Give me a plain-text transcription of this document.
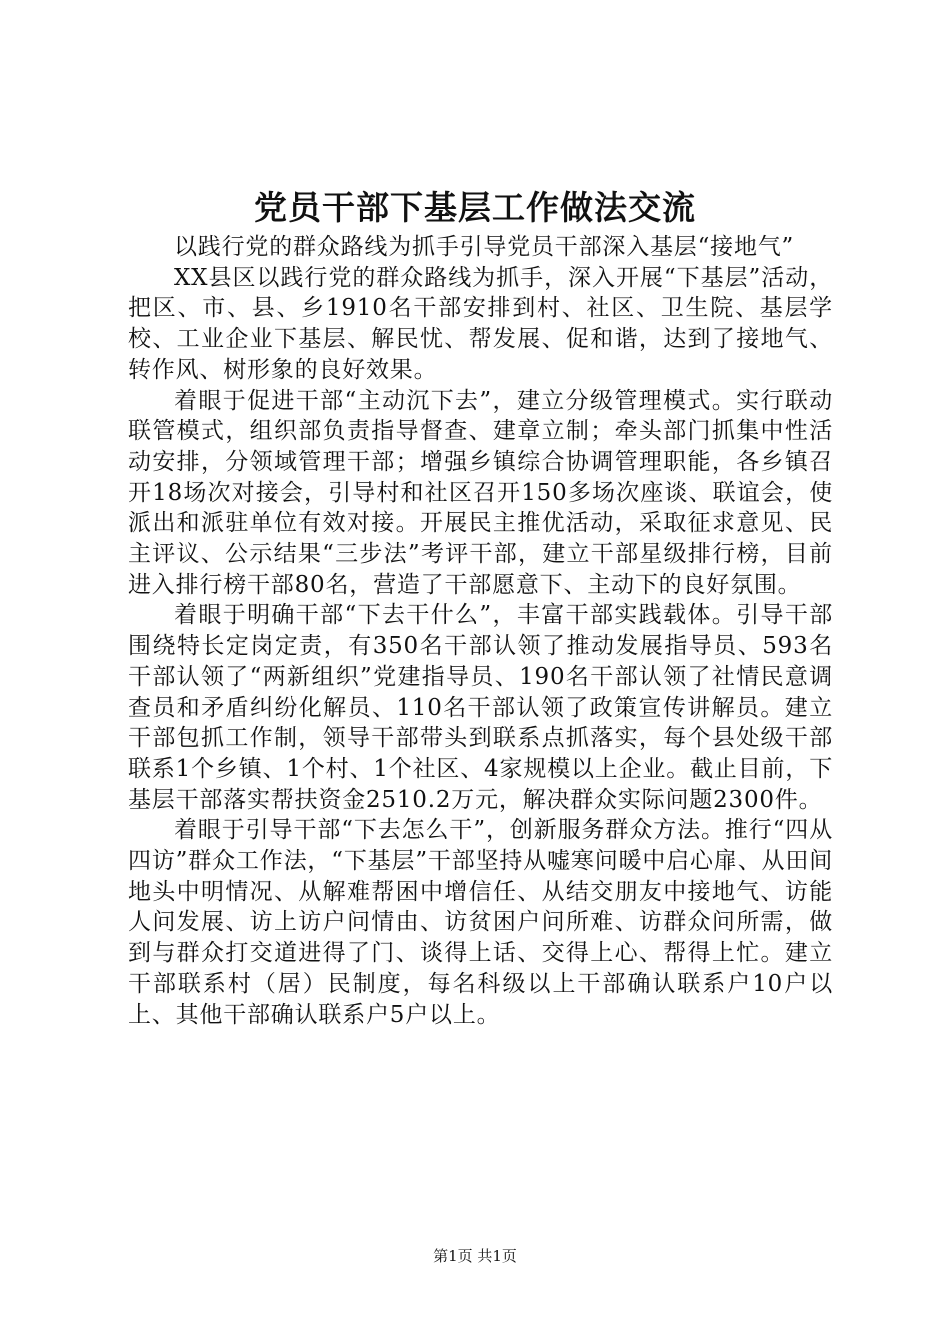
党员干部下基层工作做法交流

以践行党的群众路线为抓手引导党员干部深入基层“接地气”

XX县区以践行党的群众路线为抓手，深入开展“下基层”活动，把区、市、县、乡1910名干部安排到村、社区、卫生院、基层学校、工业企业下基层、解民忧、帮发展、促和谐，达到了接地气、转作风、树形象的良好效果。

着眼于促进干部“主动沉下去”，建立分级管理模式。实行联动联管模式，组织部负责指导督查、建章立制；牵头部门抓集中性活动安排，分领域管理干部；增强乡镇综合协调管理职能，各乡镇召开18场次对接会，引导村和社区召开150多场次座谈、联谊会，使派出和派驻单位有效对接。开展民主推优活动，采取征求意见、民主评议、公示结果“三步法”考评干部，建立干部星级排行榜，目前进入排行榜干部80名，营造了干部愿意下、主动下的良好氛围。

着眼于明确干部“下去干什么”，丰富干部实践载体。引导干部围绕特长定岗定责，有350名干部认领了推动发展指导员、593名干部认领了“两新组织”党建指导员、190名干部认领了社情民意调查员和矛盾纠纷化解员、110名干部认领了政策宣传讲解员。建立干部包抓工作制，领导干部带头到联系点抓落实，每个县处级干部联系1个乡镇、1个村、1个社区、4家规模以上企业。截止目前，下基层干部落实帮扶资金2510.2万元，解决群众实际问题2300件。

着眼于引导干部“下去怎么干”，创新服务群众方法。推行“四从四访”群众工作法，“下基层”干部坚持从嘘寒问暖中启心扉、从田间地头中明情况、从解难帮困中增信任、从结交朋友中接地气、访能人问发展、访上访户问情由、访贫困户问所难、访群众问所需，做到与群众打交道进得了门、谈得上话、交得上心、帮得上忙。建立干部联系村（居）民制度，每名科级以上干部确认联系户10户以上、其他干部确认联系户5户以上。

第1页 共1页
